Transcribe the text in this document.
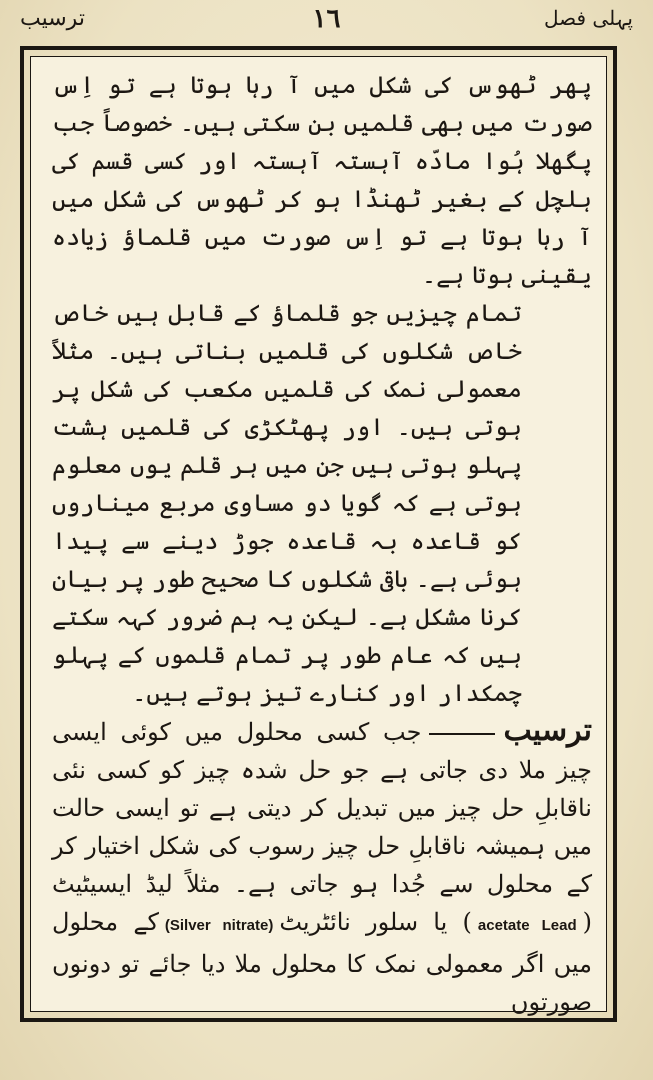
پہلی فصل
١٦
ترسیب

پھر ٹھوس کی شکل میں آ رہا ہوتا ہے تو اِس صورت میں بھی قلمیں بن سکتی ہیں۔ خصوصاً جب پگھلا ہُوا مادّہ آہستہ آہستہ اور کسی قسم کی ہلچل کے بغیر ٹھنڈا ہو کر ٹھوس کی شکل میں آ رہا ہوتا ہے تو اِس صورت میں قلماؤ زیادہ یقینی ہوتا ہے۔

تمام چیزیں جو قلماؤ کے قابل ہیں خاص خاص شکلوں کی قلمیں بناتی ہیں۔ مثلاً معمولی نمک کی قلمیں مکعب کی شکل پر ہوتی ہیں۔ اور پھٹکڑی کی قلمیں ہشت پہلو ہوتی ہیں جن میں ہر قلم یوں معلوم ہوتی ہے کہ گویا دو مساوی مربع میناروں کو قاعدہ بہ قاعدہ جوڑ دینے سے پیدا ہوئی ہے۔ باقی شکلوں کا صحیح طور پر بیان کرنا مشکل ہے۔ لیکن یہ ہم ضرور کہہ سکتے ہیں کہ عام طور پر تمام قلموں کے پہلو چمکدار اور کنارے تیز ہوتے ہیں۔

ترسیبجب کسی محلول میں کوئی ایسی چیز ملا دی جاتی ہے جو حل شدہ چیز کو کسی نئی ناقابلِ حل چیز میں تبدیل کر دیتی ہے تو ایسی حالت میں ہمیشہ ناقابلِ حل چیز رسوب کی شکل اختیار کر کے محلول سے جُدا ہو جاتی ہے۔ مثلاً لیڈ ایسیٹیٹ (Leadacetate) یا سلور نائٹریٹ(Silver nitrate)کے محلول میں اگر معمولی نمک کا محلول ملا دیا جائے تو دونوں صورتوں
